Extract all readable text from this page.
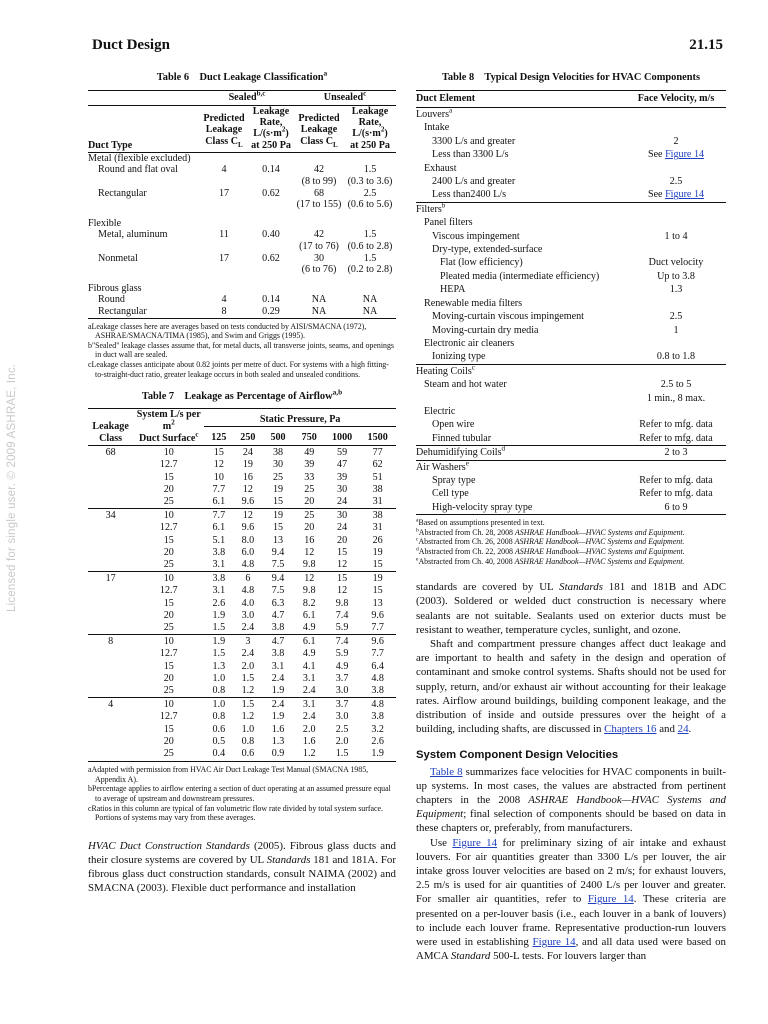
Duct Design	21.15
Licensed for single user. © 2009 ASHRAE, Inc.
Table 6 Duct Leakage Classification$^a$
	Sealed$^{b,c}$		Unsealed$^c$
Duct Type	Predicted
Leakage
Class $C_L$	Leakage
Rate,
$L/(s\cdot m^2)$
at 250 Pa	Predicted
Leakage
Class $C_L$	Leakage
Rate,
$L/(s\cdot m^2)$
at 250 Pa
Metal (flexible excluded)				
Round and flat oval	4	0.14	42	1.5
			(8 to 99)	(0.3 to 3.6)
Rectangular	17	0.62	68	2.5
			(17 to 155)	(0.6 to 5.6)

Flexible				
Metal, aluminum	11	0.40	42	1.5
			(17 to 76)	(0.6 to 2.8)
Nonmetal	17	0.62	30	1.5
			(6 to 76)	(0.2 to 2.8)

Fibrous glass				
Round	4	0.14	NA	NA
Rectangular	8	0.29	NA	NA

aLeakage classes here are averages based on tests conducted by AISI/SMACNA (1972), ASHRAE/SMACNA/TIMA (1985), and Swim and Griggs (1995).

b"Sealed" leakage classes assume that, for metal ducts, all transverse joints, seams, and openings in duct wall are sealed.

cLeakage classes anticipate about 0.82 joints per metre of duct. For systems with a high fitting-to-straight-duct ratio, greater leakage occurs in both sealed and unsealed conditions.

Table 7 Leakage as Percentage of Airflow$^{a,b}$
Leakage
Class	System L/s per $m^2$
Duct Surface$^c$	Static Pressure, Pa					
		125	250	500	750	1000	1500
68	10	15	24	38	49	59	77
	12.7	12	19	30	39	47	62
	15	10	16	25	33	39	51
	20	7.7	12	19	25	30	38
	25	6.1	9.6	15	20	24	31
34	10	7.7	12	19	25	30	38
	12.7	6.1	9.6	15	20	24	31
	15	5.1	8.0	13	16	20	26
	20	3.8	6.0	9.4	12	15	19
	25	3.1	4.8	7.5	9.8	12	15
17	10	3.8	6	9.4	12	15	19
	12.7	3.1	4.8	7.5	9.8	12	15
	15	2.6	4.0	6.3	8.2	9.8	13
	20	1.9	3.0	4.7	6.1	7.4	9.6
	25	1.5	2.4	3.8	4.9	5.9	7.7
8	10	1.9	3	4.7	6.1	7.4	9.6
	12.7	1.5	2.4	3.8	4.9	5.9	7.7
	15	1.3	2.0	3.1	4.1	4.9	6.4
	20	1.0	1.5	2.4	3.1	3.7	4.8
	25	0.8	1.2	1.9	2.4	3.0	3.8
4	10	1.0	1.5	2.4	3.1	3.7	4.8
	12.7	0.8	1.2	1.9	2.4	3.0	3.8
	15	0.6	1.0	1.6	2.0	2.5	3.2
	20	0.5	0.8	1.3	1.6	2.0	2.6
	25	0.4	0.6	0.9	1.2	1.5	1.9

aAdapted with permission from HVAC Air Duct Leakage Test Manual (SMACNA 1985, Appendix A).

bPercentage applies to airflow entering a section of duct operating at an assumed pressure equal to average of upstream and downstream pressures.

cRatios in this column are typical of fan volumetric flow rate divided by total system surface. Portions of systems may vary from these averages.

HVAC Duct Construction Standards (2005). Fibrous glass ducts and their closure systems are covered by UL Standards 181 and 181A. For fibrous glass duct construction standards, consult NAIMA (2002) and SMACNA (2003). Flexible duct performance and installation
Table 8 Typical Design Velocities for HVAC Components
Duct Element	Face Velocity, m/s
Louvers$^a$	
Intake	
3300 L/s and greater	2
Less than 3300 L/s	See Figure 14
Exhaust	
2400 L/s and greater	2.5
Less than2400 L/s	See Figure 14
Filters$^b$	
Panel filters	
Viscous impingement	1 to 4
Dry-type, extended-surface	
Flat (low efficiency)	Duct velocity
Pleated media (intermediate efficiency)	Up to 3.8
HEPA	1.3
Renewable media filters	
Moving-curtain viscous impingement	2.5
Moving-curtain dry media	1
Electronic air cleaners	
Ionizing type	0.8 to 1.8
Heating Coils$^c$	
Steam and hot water	2.5 to 5
	1 min., 8 max.
Electric	
Open wire	Refer to mfg. data
Finned tubular	Refer to mfg. data
Dehumidifying Coils$^d$	2 to 3
Air Washers$^e$	
Spray type	Refer to mfg. data
Cell type	Refer to mfg. data
High-velocity spray type	6 to 9

$^a$Based on assumptions presented in text.

$^b$Abstracted from Ch. 28, 2008 ASHRAE Handbook—HVAC Systems and Equipment.

$^c$Abstracted from Ch. 26, 2008 ASHRAE Handbook—HVAC Systems and Equipment.

$^d$Abstracted from Ch. 22, 2008 ASHRAE Handbook—HVAC Systems and Equipment.

$^e$Abstracted from Ch. 40, 2008 ASHRAE Handbook—HVAC Systems and Equipment.

standards are covered by UL Standards 181 and 181B and ADC (2003). Soldered or welded duct construction is necessary where sealants are not suitable. Sealants used on exterior ducts must be resistant to weather, temperature cycles, sunlight, and ozone.

Shaft and compartment pressure changes affect duct leakage and are important to health and safety in the design and operation of contaminant and smoke control systems. Shafts should not be used for supply, return, and/or exhaust air without accounting for their leakage rates. Airflow around buildings, building component leakage, and the distribution of inside and outside pressures over the height of a building, including shafts, are discussed in Chapters 16 and 24.

System Component Design Velocities

Table 8 summarizes face velocities for HVAC components in built-up systems. In most cases, the values are abstracted from pertinent chapters in the 2008 ASHRAE Handbook—HVAC Systems and Equipment; final selection of components should be based on data in these chapters or, preferably, from manufacturers.

Use Figure 14 for preliminary sizing of air intake and exhaust louvers. For air quantities greater than 3300 L/s per louver, the air intake gross louver velocities are based on 2 m/s; for exhaust louvers, 2.5 m/s is used for air quantities of 2400 L/s per louver and greater. For smaller air quantities, refer to Figure 14. These criteria are presented on a per-louver basis (i.e., each louver in a bank of louvers) to include each louver frame. Representative production-run louvers were used in establishing Figure 14, and all data used were based on AMCA Standard 500-L tests. For louvers larger than
